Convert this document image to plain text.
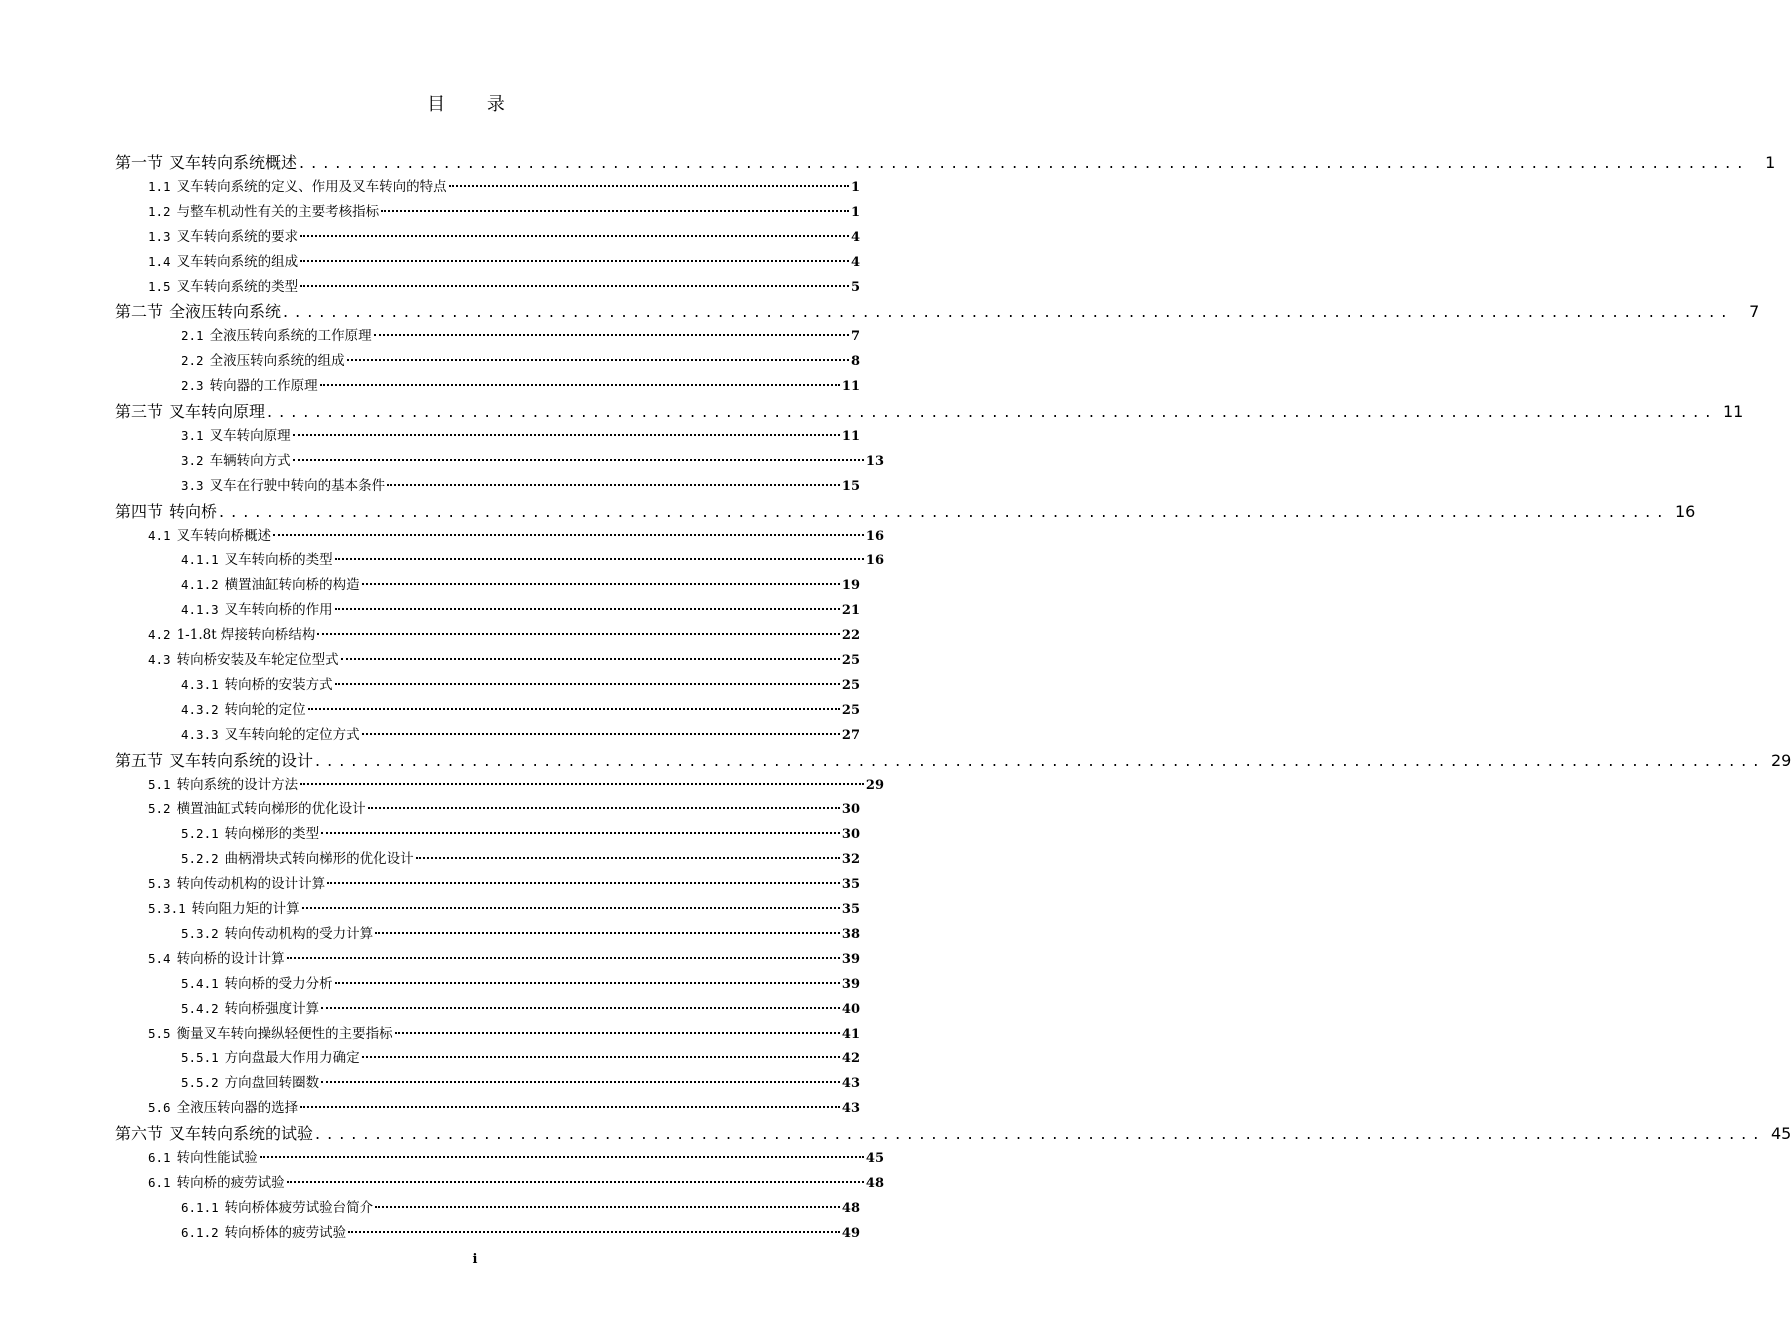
目 录
第一节 叉车转向系统概述 ........................................................................................................................ 1
1.1 叉车转向系统的定义、作用及叉车转向的特点	1
1.2 与整车机动性有关的主要考核指标	1
1.3 叉车转向系统的要求	4
1.4 叉车转向系统的组成	4
1.5 叉车转向系统的类型	5
第二节 全液压转向系统 ........................................................................................................................ 7
2.1 全液压转向系统的工作原理	7
2.2 全液压转向系统的组成	8
2.3 转向器的工作原理	11
第三节 叉车转向原理 ........................................................................................................................ 11
3.1 叉车转向原理	11
3.2 车辆转向方式	13
3.3 叉车在行驶中转向的基本条件	15
第四节 转向桥 ........................................................................................................................ 16
4.1 叉车转向桥概述	16
4.1.1 叉车转向桥的类型	16
4.1.2 横置油缸转向桥的构造	19
4.1.3 叉车转向桥的作用	21
4.2 1-1.8t 焊接转向桥结构	22
4.3 转向桥安装及车轮定位型式	25
4.3.1 转向桥的安装方式	25
4.3.2 转向轮的定位	25
4.3.3 叉车转向轮的定位方式	27
第五节 叉车转向系统的设计 ........................................................................................................................ 29
5.1 转向系统的设计方法	29
5.2 横置油缸式转向梯形的优化设计	30
5.2.1 转向梯形的类型	30
5.2.2 曲柄滑块式转向梯形的优化设计	32
5.3 转向传动机构的设计计算	35
5.3.1 转向阻力矩的计算	35
5.3.2 转向传动机构的受力计算	38
5.4 转向桥的设计计算	39
5.4.1 转向桥的受力分析	39
5.4.2 转向桥强度计算	40
5.5 衡量叉车转向操纵轻便性的主要指标	41
5.5.1 方向盘最大作用力确定	42
5.5.2 方向盘回转圈数	43
5.6 全液压转向器的选择	43
第六节 叉车转向系统的试验 ........................................................................................................................ 45
6.1 转向性能试验	45
6.1 转向桥的疲劳试验	48
6.1.1 转向桥体疲劳试验台简介	48
6.1.2 转向桥体的疲劳试验	49
i
